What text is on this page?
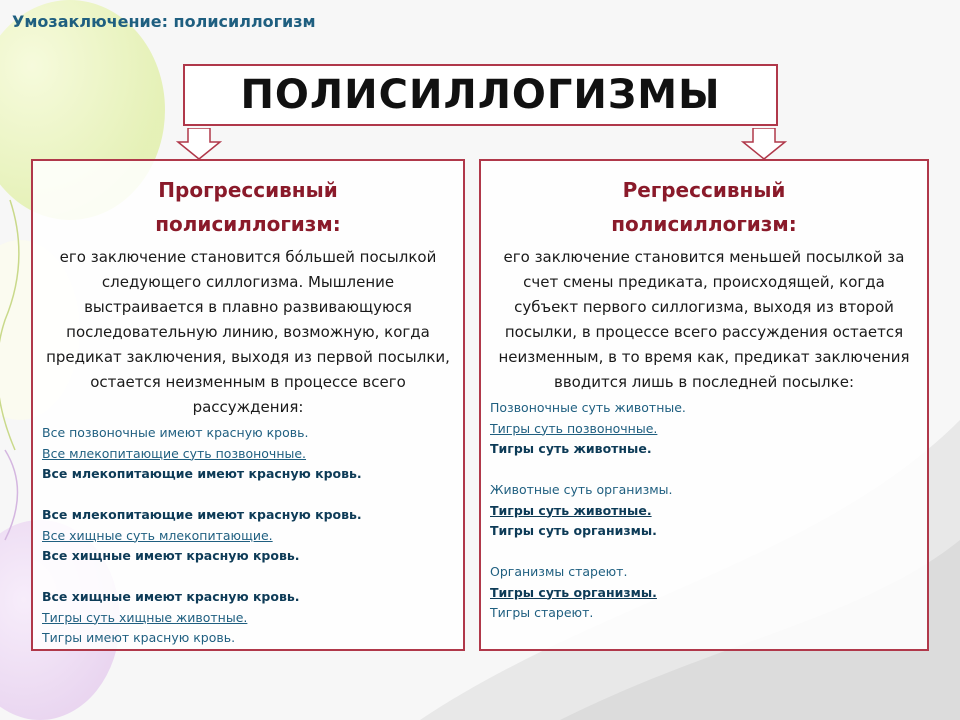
Умозаключение: полисиллогизм
ПОЛИСИЛЛОГИЗМЫ
Прогрессивный
полисиллогизм:
его заключение становится бо́льшей посылкой следующего силлогизма. Мышление выстраивается в плавно развивающуюся последовательную линию, возможную, когда предикат заключения, выходя из первой посылки, остается неизменным в процессе всего рассуждения:
Все позвоночные имеют красную кровь.
Все млекопитающие суть позвоночные.
Все млекопитающие имеют красную кровь.
Все млекопитающие имеют красную кровь.
Все хищные суть млекопитающие.
Все хищные имеют красную кровь.
Все хищные имеют красную кровь.
Тигры суть хищные животные.
Тигры имеют красную кровь.
Регрессивный
полисиллогизм:
его заключение становится меньшей посылкой за счет смены предиката, происходящей, когда субъект первого силлогизма, выходя из второй посылки, в процессе всего рассуждения остается неизменным, в то время как, предикат заключения вводится лишь в последней посылке:
Позвоночные суть животные.
Тигры суть позвоночные.
Тигры суть животные.
Животные суть организмы.
Тигры суть животные.
Тигры суть организмы.
Организмы стареют.
Тигры суть организмы.
Тигры стареют.
